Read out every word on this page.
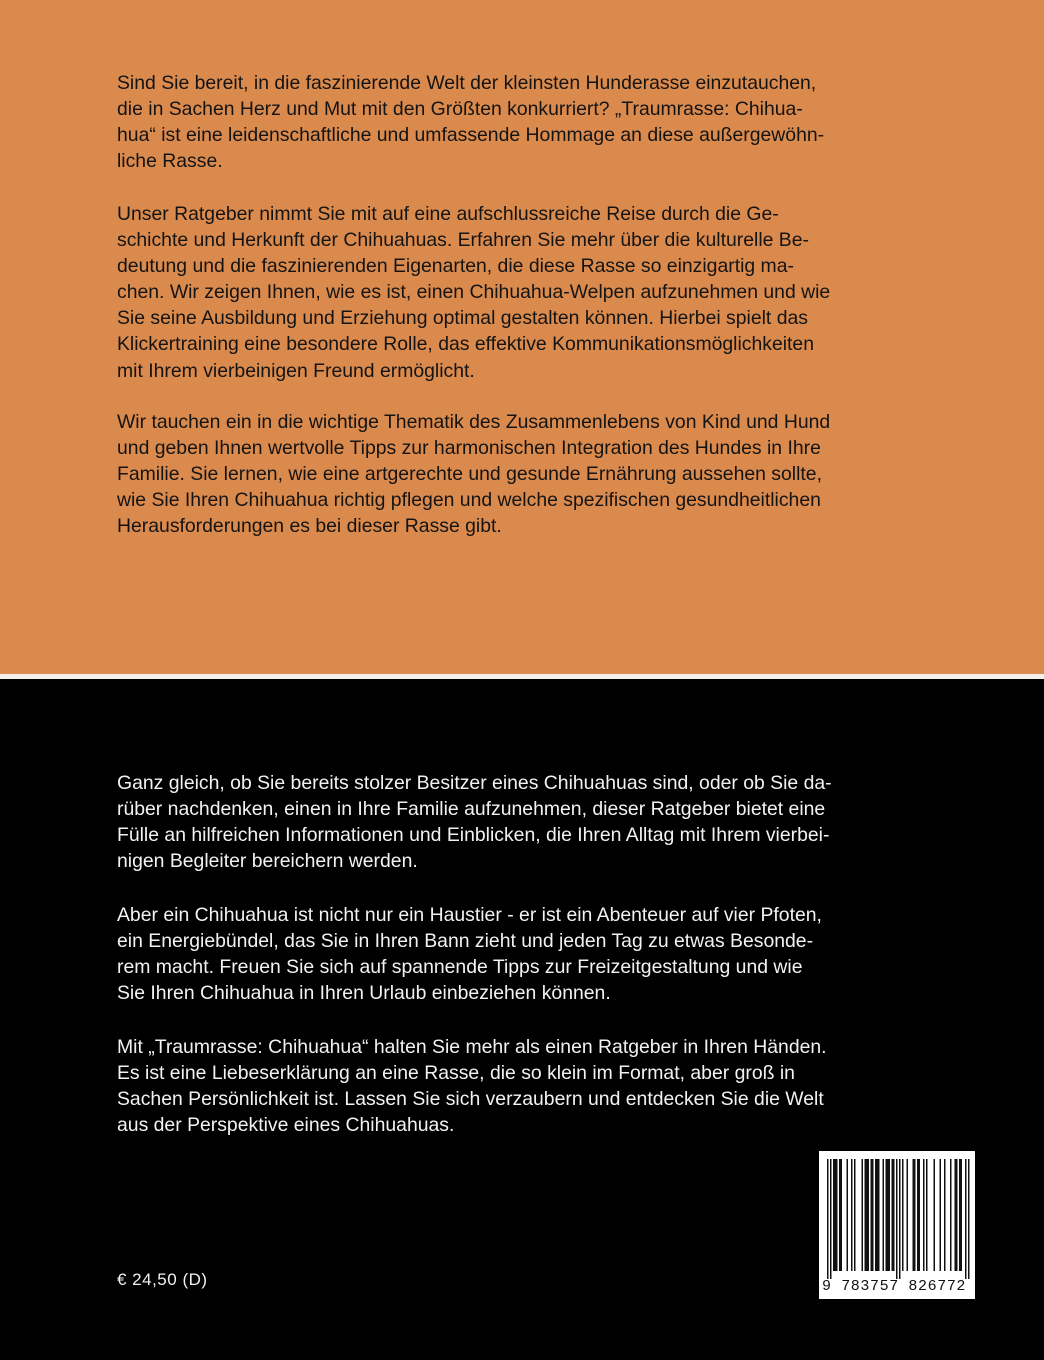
Sind Sie bereit, in die faszinierende Welt der kleinsten Hunderasse einzutauchen,
die in Sachen Herz und Mut mit den Größten konkurriert? „Traumrasse: Chihua-
hua“ ist eine leidenschaftliche und umfassende Hommage an diese außergewöhn-
liche Rasse.

Unser Ratgeber nimmt Sie mit auf eine aufschlussreiche Reise durch die Ge-
schichte und Herkunft der Chihuahuas. Erfahren Sie mehr über die kulturelle Be-
deutung und die faszinierenden Eigenarten, die diese Rasse so einzigartig ma-
chen. Wir zeigen Ihnen, wie es ist, einen Chihuahua-Welpen aufzunehmen und wie
Sie seine Ausbildung und Erziehung optimal gestalten können. Hierbei spielt das
Klickertraining eine besondere Rolle, das effektive Kommunikationsmöglichkeiten
mit Ihrem vierbeinigen Freund ermöglicht.

Wir tauchen ein in die wichtige Thematik des Zusammenlebens von Kind und Hund
und geben Ihnen wertvolle Tipps zur harmonischen Integration des Hundes in Ihre
Familie. Sie lernen, wie eine artgerechte und gesunde Ernährung aussehen sollte,
wie Sie Ihren Chihuahua richtig pflegen und welche spezifischen gesundheitlichen
Herausforderungen es bei dieser Rasse gibt.

Ganz gleich, ob Sie bereits stolzer Besitzer eines Chihuahuas sind, oder ob Sie da-
rüber nachdenken, einen in Ihre Familie aufzunehmen, dieser Ratgeber bietet eine
Fülle an hilfreichen Informationen und Einblicken, die Ihren Alltag mit Ihrem vierbei-
nigen Begleiter bereichern werden.

Aber ein Chihuahua ist nicht nur ein Haustier - er ist ein Abenteuer auf vier Pfoten,
ein Energiebündel, das Sie in Ihren Bann zieht und jeden Tag zu etwas Besonde-
rem macht. Freuen Sie sich auf spannende Tipps zur Freizeitgestaltung und wie
Sie Ihren Chihuahua in Ihren Urlaub einbeziehen können.

Mit „Traumrasse: Chihuahua“ halten Sie mehr als einen Ratgeber in Ihren Händen.
Es ist eine Liebeserklärung an eine Rasse, die so klein im Format, aber groß in
Sachen Persönlichkeit ist. Lassen Sie sich verzaubern und entdecken Sie die Welt
aus der Perspektive eines Chihuahuas.

€ 24,50 (D)	9 783757 826772
